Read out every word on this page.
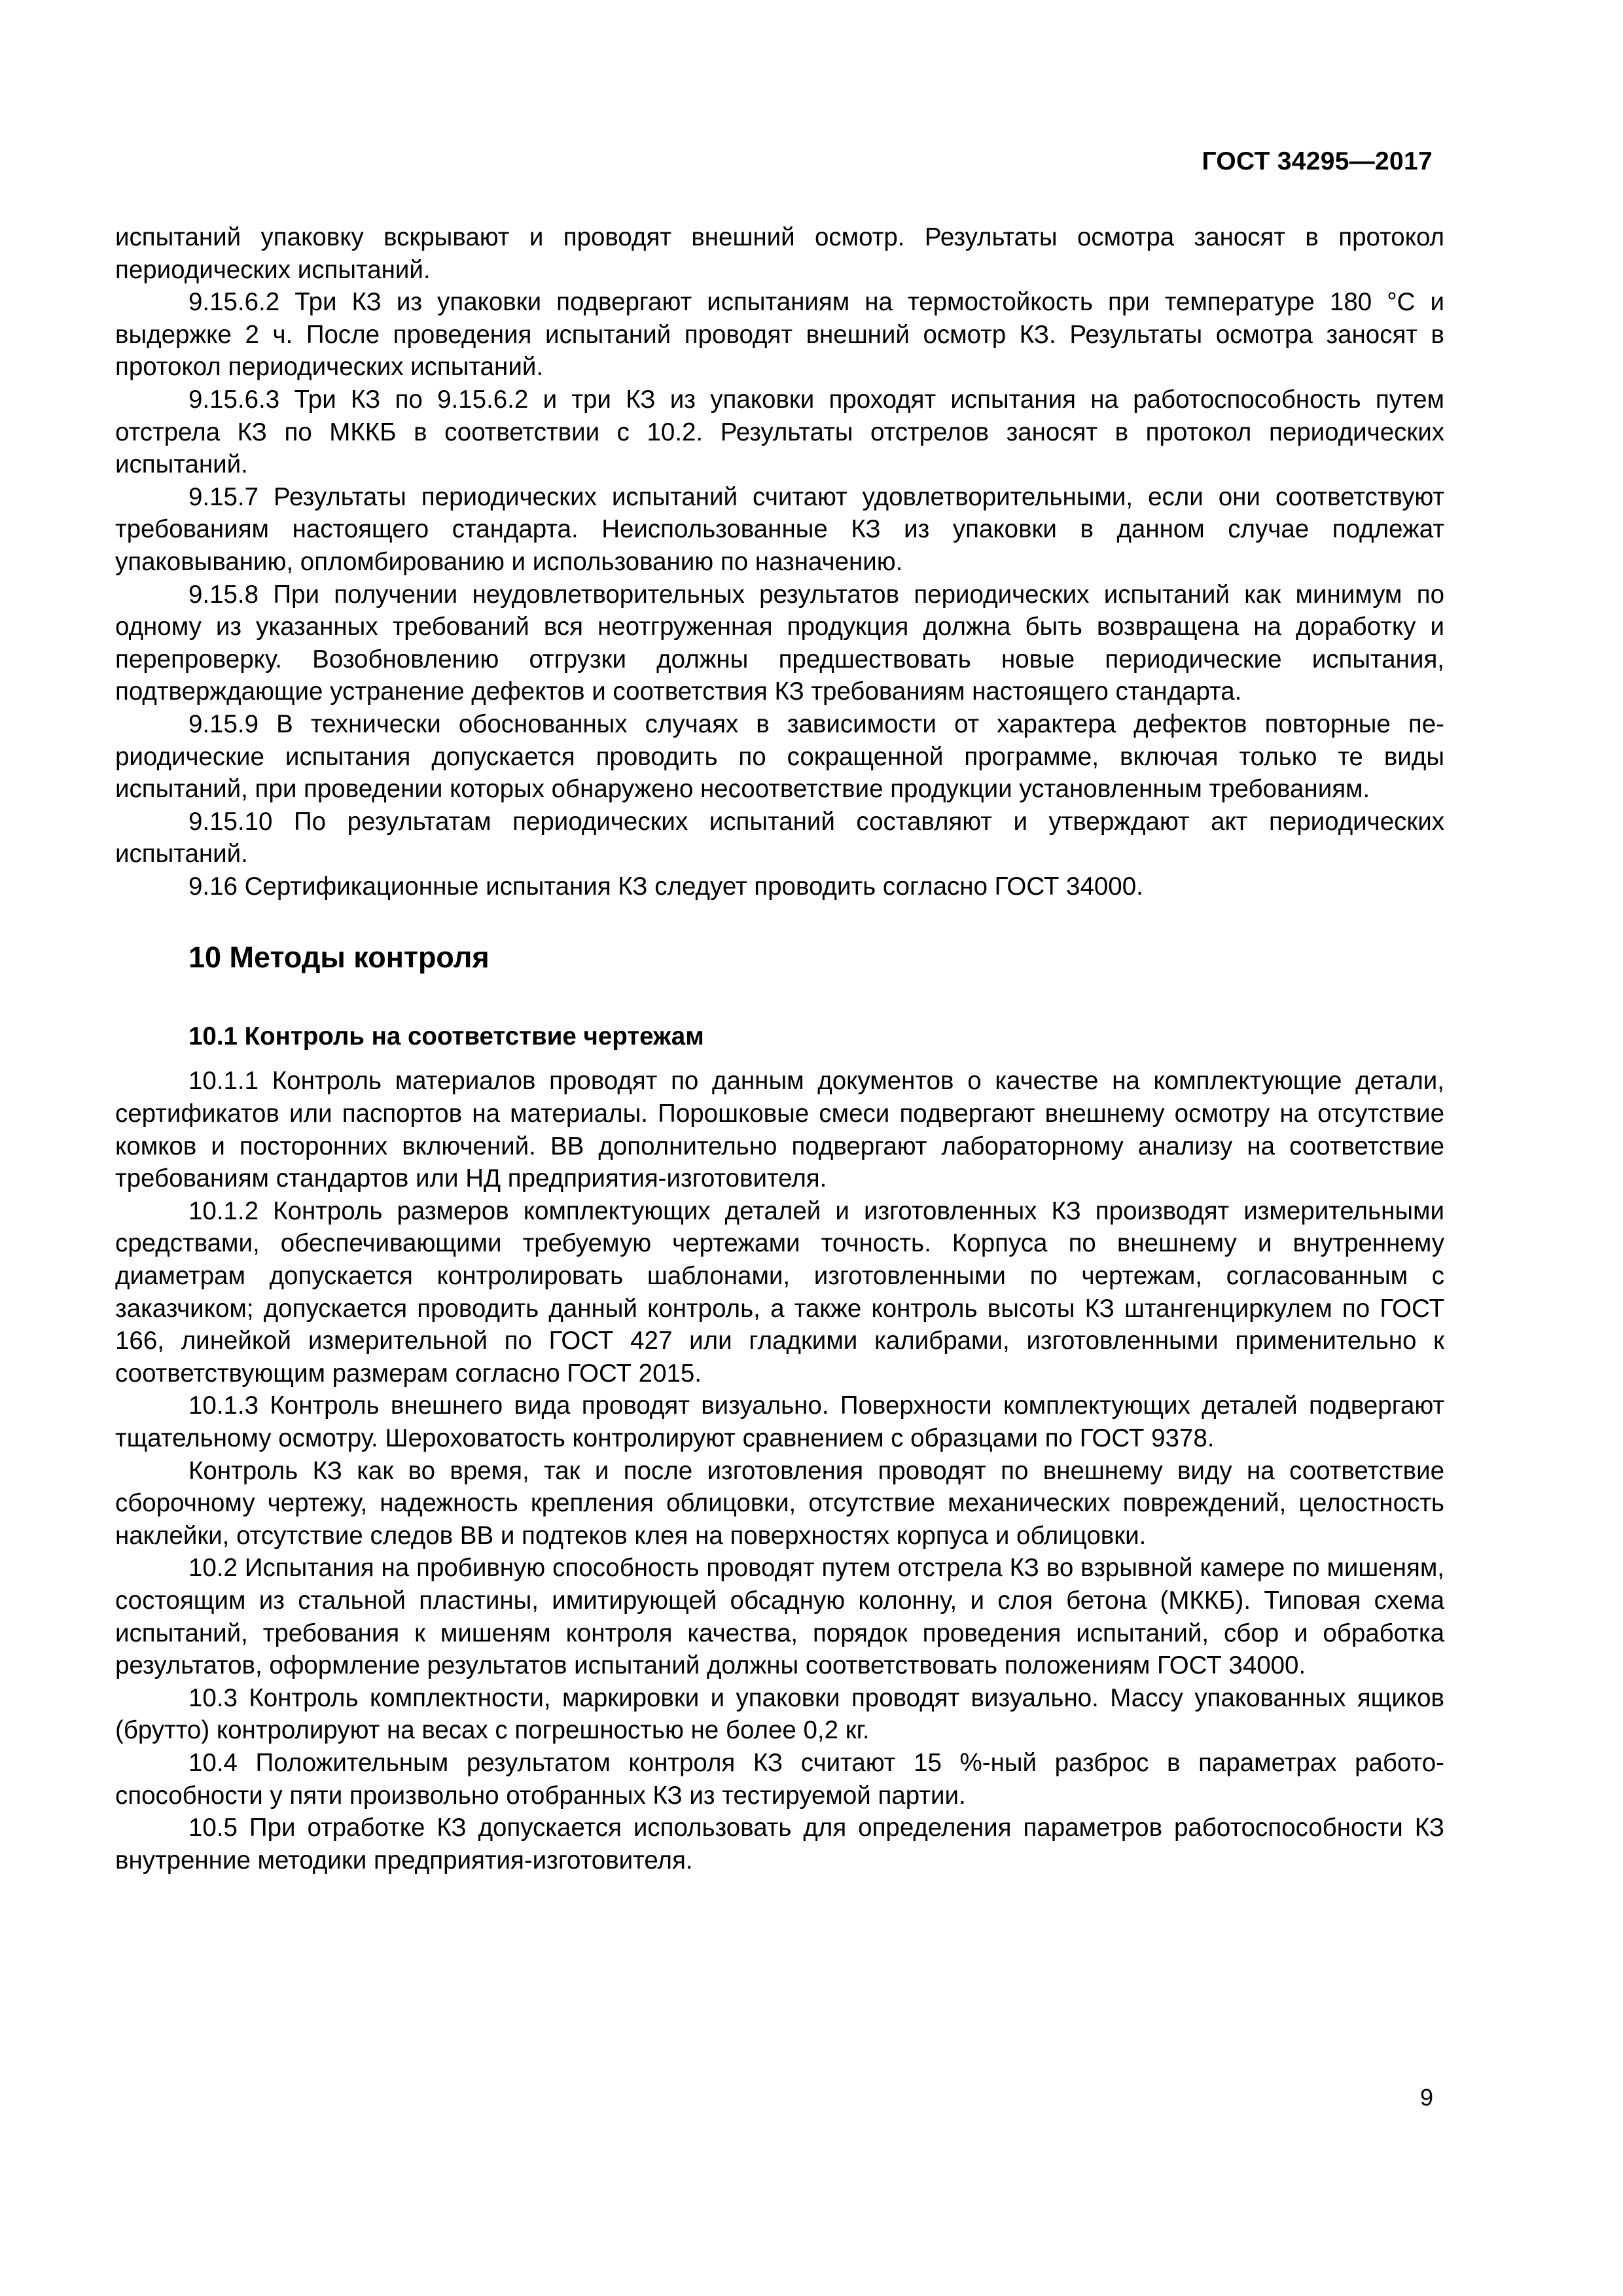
ГОСТ 34295—2017

испытаний упаковку вскрывают и проводят внешний осмотр. Результаты осмотра заносят в протокол периодических испытаний.

9.15.6.2 Три КЗ из упаковки подвергают испытаниям на термостойкость при температуре 180 °С и выдержке 2 ч. После проведения испытаний проводят внешний осмотр КЗ. Результаты осмотра заносят в протокол периодических испытаний.

9.15.6.3 Три КЗ по 9.15.6.2 и три КЗ из упаковки проходят испытания на работоспособность путем отстрела КЗ по МККБ в соответствии с 10.2. Результаты отстрелов заносят в протокол периодических испытаний.

9.15.7 Результаты периодических испытаний считают удовлетворительными, если они соответствуют требованиям настоящего стандарта. Неиспользованные КЗ из упаковки в данном случае подлежат упаковыванию, опломбированию и использованию по назначению.

9.15.8 При получении неудовлетворительных результатов периодических испытаний как минимум по одному из указанных требований вся неотгруженная продукция должна быть возвращена на доработку и перепроверку. Возобновлению отгрузки должны предшествовать новые периодические испытания, подтверждающие устранение дефектов и соответствия КЗ требованиям настоящего стандарта.

9.15.9 В технически обоснованных случаях в зависимости от характера дефектов повторные периодические испытания допускается проводить по сокращенной программе, включая только те виды испытаний, при проведении которых обнаружено несоответствие продукции установленным требованиям.

9.15.10 По результатам периодических испытаний составляют и утверждают акт периодических испытаний.

9.16 Сертификационные испытания КЗ следует проводить согласно ГОСТ 34000.

10 Методы контроля
10.1 Контроль на соответствие чертежам

10.1.1 Контроль материалов проводят по данным документов о качестве на комплектующие детали, сертификатов или паспортов на материалы. Порошковые смеси подвергают внешнему осмотру на отсутствие комков и посторонних включений. ВВ дополнительно подвергают лабораторному анализу на соответствие требованиям стандартов или НД предприятия-изготовителя.

10.1.2 Контроль размеров комплектующих деталей и изготовленных КЗ производят измерительными средствами, обеспечивающими требуемую чертежами точность. Корпуса по внешнему и внутреннему диаметрам допускается контролировать шаблонами, изготовленными по чертежам, согласованным с заказчиком; допускается проводить данный контроль, а также контроль высоты КЗ штангенциркулем по ГОСТ 166, линейкой измерительной по ГОСТ 427 или гладкими калибрами, изготовленными применительно к соответствующим размерам согласно ГОСТ 2015.

10.1.3 Контроль внешнего вида проводят визуально. Поверхности комплектующих деталей подвергают тщательному осмотру. Шероховатость контролируют сравнением с образцами по ГОСТ 9378.

Контроль КЗ как во время, так и после изготовления проводят по внешнему виду на соответствие сборочному чертежу, надежность крепления облицовки, отсутствие механических повреждений, целостность наклейки, отсутствие следов ВВ и подтеков клея на поверхностях корпуса и облицовки.

10.2 Испытания на пробивную способность проводят путем отстрела КЗ во взрывной камере по мишеням, состоящим из стальной пластины, имитирующей обсадную колонну, и слоя бетона (МККБ). Типовая схема испытаний, требования к мишеням контроля качества, порядок проведения испытаний, сбор и обработка результатов, оформление результатов испытаний должны соответствовать положениям ГОСТ 34000.

10.3 Контроль комплектности, маркировки и упаковки проводят визуально. Массу упакованных ящиков (брутто) контролируют на весах с погрешностью не более 0,2 кг.

10.4 Положительным результатом контроля КЗ считают 15 %-ный разброс в параметрах работоспособности у пяти произвольно отобранных КЗ из тестируемой партии.

10.5 При отработке КЗ допускается использовать для определения параметров работоспособности КЗ внутренние методики предприятия-изготовителя.

9
